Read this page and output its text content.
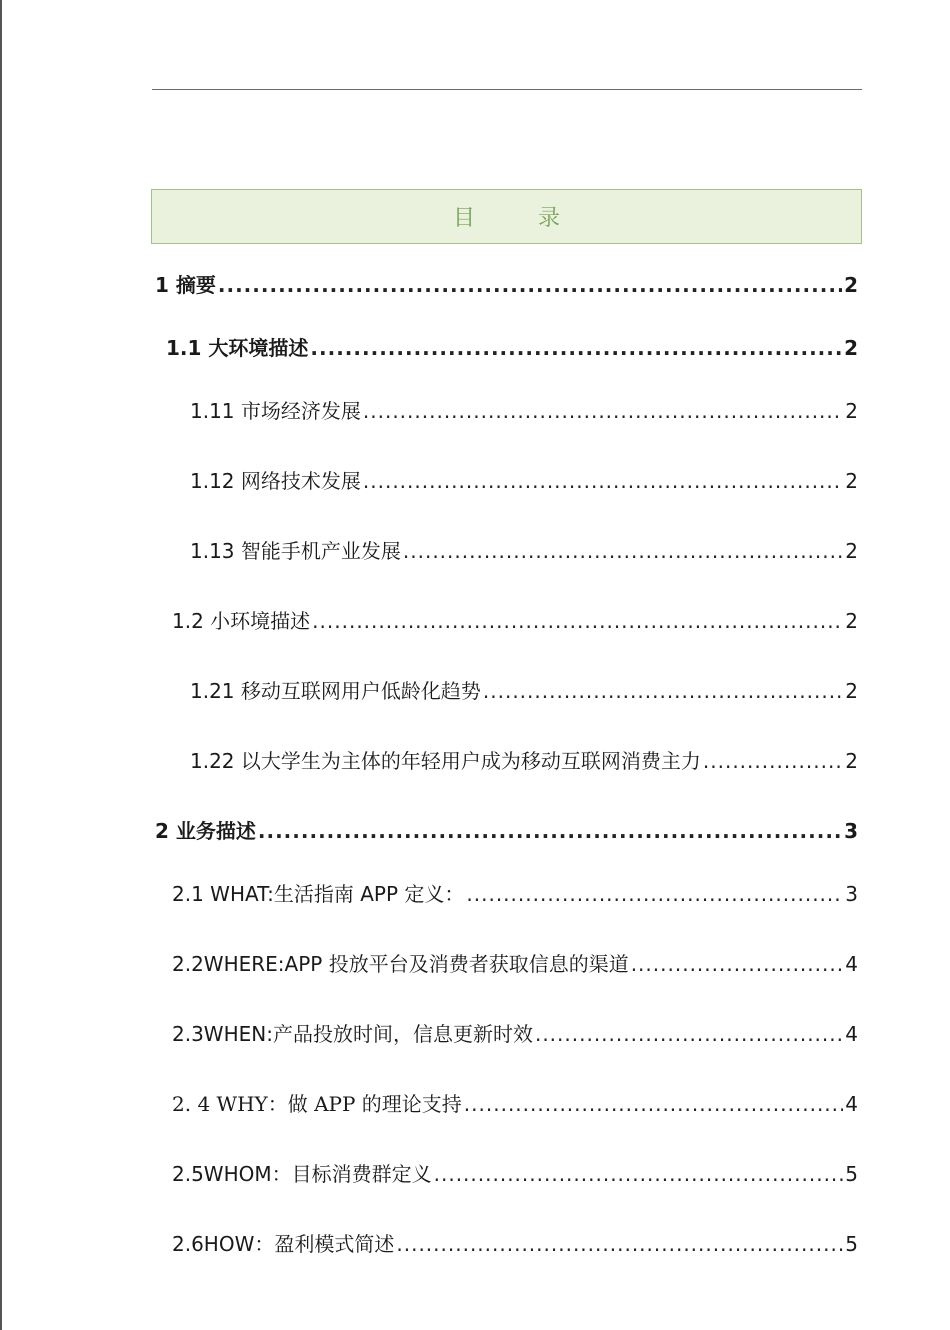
目 录
1 摘要 .....	2
1.1 大环境描述 .....	2
1.11 市场经济发展 .....	2
1.12 网络技术发展 .....	2
1.13 智能手机产业发展 .....	2
1.2 小环境描述 .....	2
1.21 移动互联网用户低龄化趋势 .....	2
1.22 以大学生为主体的年轻用户成为移动互联网消费主力 .....	2
2 业务描述 .....	3
2.1 WHAT:生活指南 APP 定义： .....	3
2.2WHERE:APP 投放平台及消费者获取信息的渠道 .....	4
2.3WHEN:产品投放时间，信息更新时效 .....	4
2. 4 WHY：做 APP 的理论支持 .....	4
2.5WHOM：目标消费群定义 .....	5
2.6HOW：盈利模式简述 .....	5
